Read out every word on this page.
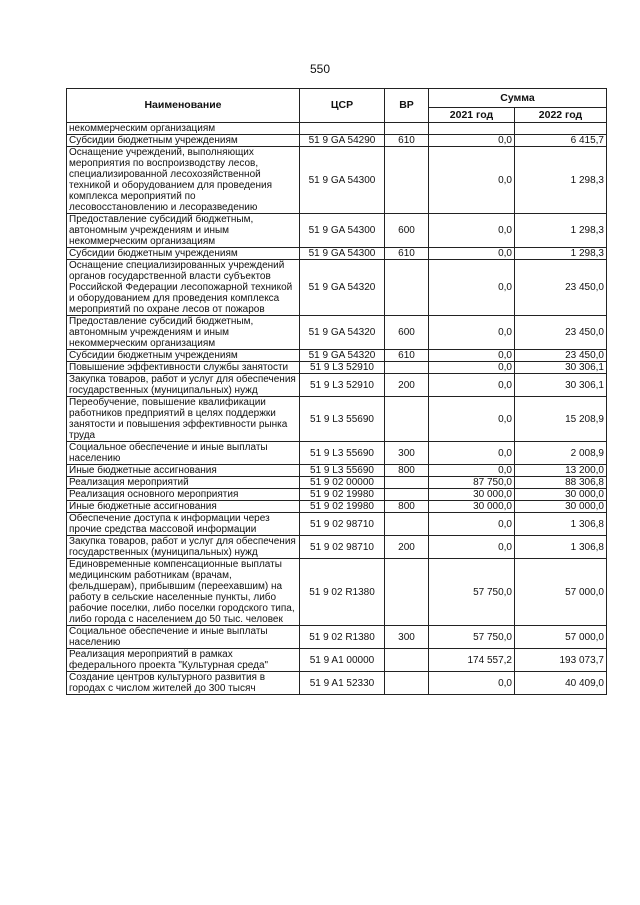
550
Наименование	ЦСР	ВР	Сумма	
			2021 год	2022 год
некоммерческим организациям				
Субсидии бюджетным учреждениям	51 9 GA 54290	610	0,0	6 415,7
Оснащение учреждений, выполняющих мероприятия по воспроизводству лесов, специализированной лесохозяйственной техникой и оборудованием для проведения комплекса мероприятий по лесовосстановлению и лесоразведению	51 9 GA 54300		0,0	1 298,3
Предоставление субсидий бюджетным, автономным учреждениям и иным некоммерческим организациям	51 9 GA 54300	600	0,0	1 298,3
Субсидии бюджетным учреждениям	51 9 GA 54300	610	0,0	1 298,3
Оснащение специализированных учреждений органов государственной власти субъектов Российской Федерации лесопожарной техникой и оборудованием для проведения комплекса мероприятий по охране лесов от пожаров	51 9 GA 54320		0,0	23 450,0
Предоставление субсидий бюджетным, автономным учреждениям и иным некоммерческим организациям	51 9 GA 54320	600	0,0	23 450,0
Субсидии бюджетным учреждениям	51 9 GA 54320	610	0,0	23 450,0
Повышение эффективности службы занятости	51 9 L3 52910		0,0	30 306,1
Закупка товаров, работ и услуг для обеспечения государственных (муниципальных) нужд	51 9 L3 52910	200	0,0	30 306,1
Переобучение, повышение квалификации работников предприятий в целях поддержки занятости и повышения эффективности рынка труда	51 9 L3 55690		0,0	15 208,9
Социальное обеспечение и иные выплаты населению	51 9 L3 55690	300	0,0	2 008,9
Иные бюджетные ассигнования	51 9 L3 55690	800	0,0	13 200,0
Реализация мероприятий	51 9 02 00000		87 750,0	88 306,8
Реализация основного мероприятия	51 9 02 19980		30 000,0	30 000,0
Иные бюджетные ассигнования	51 9 02 19980	800	30 000,0	30 000,0
Обеспечение доступа к информации через прочие средства массовой информации	51 9 02 98710		0,0	1 306,8
Закупка товаров, работ и услуг для обеспечения государственных (муниципальных) нужд	51 9 02 98710	200	0,0	1 306,8
Единовременные компенсационные выплаты медицинским работникам (врачам, фельдшерам), прибывшим (переехавшим) на работу в сельские населенные пункты, либо рабочие поселки, либо поселки городского типа, либо города с населением до 50 тыс. человек	51 9 02 R1380		57 750,0	57 000,0
Социальное обеспечение и иные выплаты населению	51 9 02 R1380	300	57 750,0	57 000,0
Реализация мероприятий в рамках федерального проекта "Культурная среда"	51 9 A1 00000		174 557,2	193 073,7
Создание центров культурного развития в городах с числом жителей до 300 тысяч	51 9 A1 52330		0,0	40 409,0
